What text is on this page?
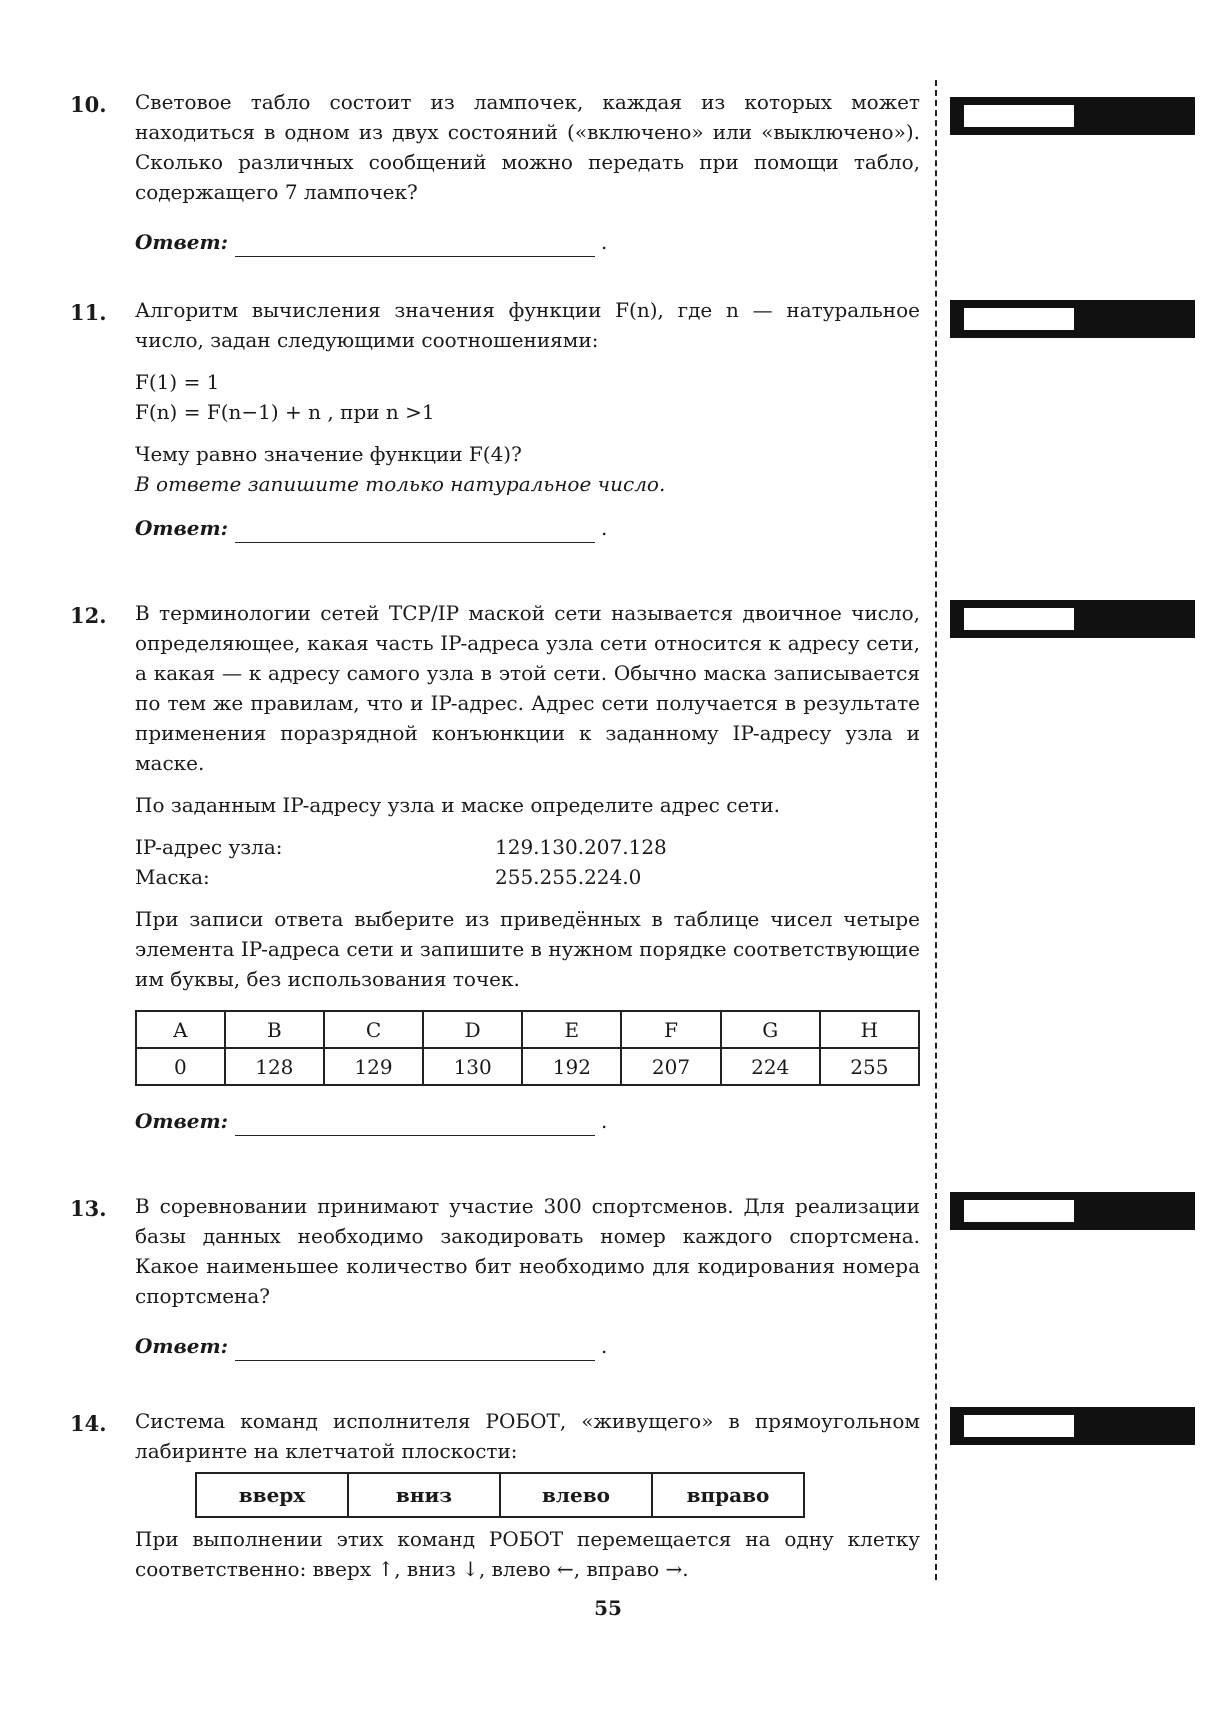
10. Световое табло состоит из лампочек, каждая из которых может находиться в одном из двух состояний («включено» или «выключено»). Сколько различных сообщений можно передать при помощи табло, содержащего 7 лампочек?

Ответ:	.
11. Алгоритм вычисления значения функции F(n), где n — натуральное число, задан следующими соотношениями:

F(1) = 1

F(n) = F(n−1) + n , при n >1

Чему равно значение функции F(4)?

В ответе запишите только натуральное число.

Ответ:	.
12. В терминологии сетей TCP/IP маской сети называется двоичное число, определяющее, какая часть IP-адреса узла сети относится к адресу сети, а какая — к адресу самого узла в этой сети. Обычно маска записывается по тем же правилам, что и IP-адрес. Адрес сети получается в результате применения поразрядной конъюнкции к заданному IP-адресу узла и маске.

По заданным IP-адресу узла и маске определите адрес сети.

IP-адрес узла:	129.130.207.128
Маска:	255.255.224.0

При записи ответа выберите из приведённых в таблице чисел четыре элемента IP-адреса сети и запишите в нужном порядке соответствующие им буквы, без использования точек.

A	B	C	D	E	F	G	H
0	128	129	130	192	207	224	255
Ответ:	.
13. В соревновании принимают участие 300 спортсменов. Для реализации базы данных необходимо закодировать номер каждого спортсмена. Какое наименьшее количество бит необходимо для кодирования номера спортсмена?

Ответ:	.
14. Система команд исполнителя РОБОТ, «живущего» в прямоугольном лабиринте на клетчатой плоскости:

вверх	вниз	влево	вправо

При выполнении этих команд РОБОТ перемещается на одну клетку соответственно: вверх ↑, вниз ↓, влево ←, вправо →.

55
